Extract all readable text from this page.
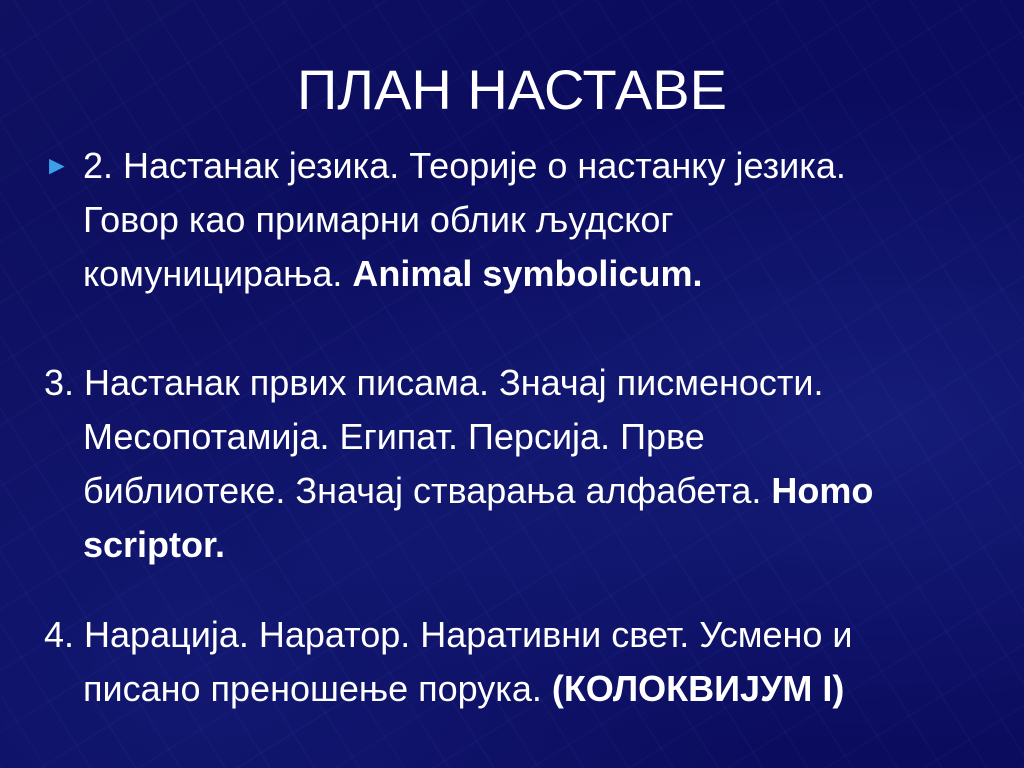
ПЛАН НАСТАВЕ
► 2. Настанак језика. Теорије о настанку језика.
Говор као примарни облик људског
комуницирања. Animal symbolicum.
3. Настанак првих писама. Значај писмености.
Месопотамија. Египат. Персија. Прве
библиотеке. Значај стварања алфабета. Homo
scriptor.
4. Нарација. Наратор. Наративни свет. Усмено и
писано преношење порука. (КОЛОКВИЈУМ I)
